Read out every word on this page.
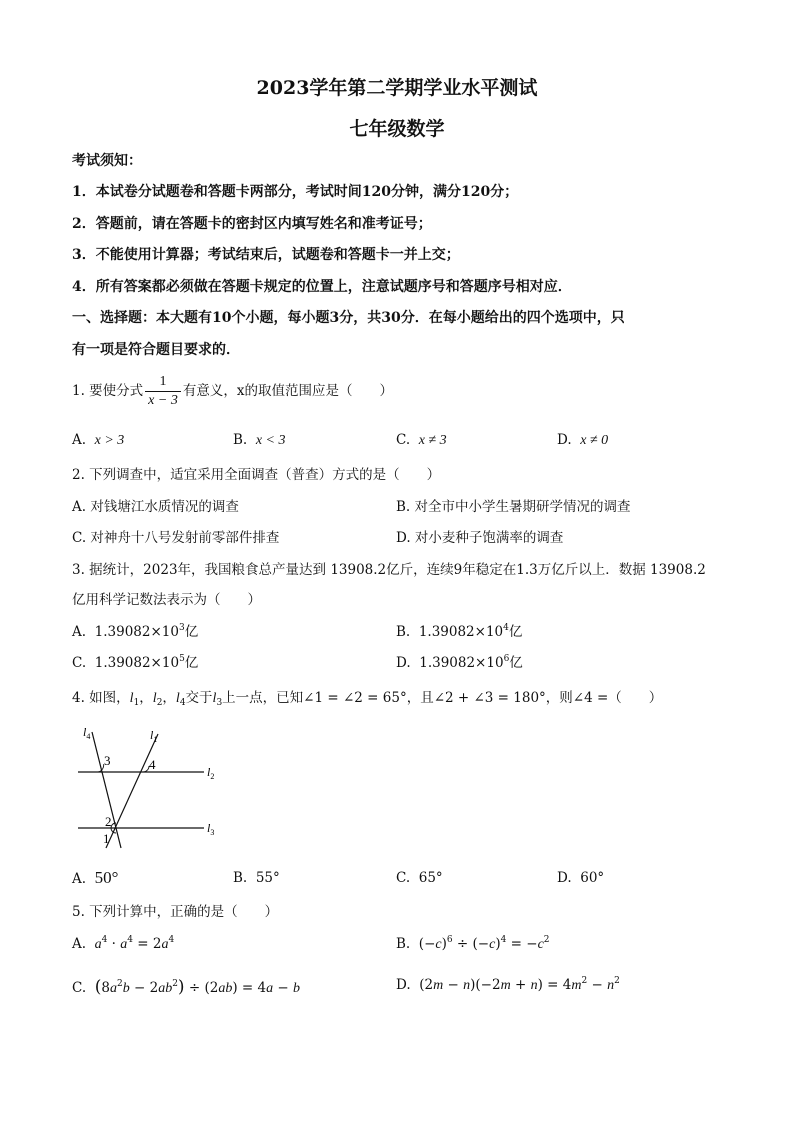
2023学年第二学期学业水平测试
七年级数学
考试须知：
1．本试卷分试题卷和答题卡两部分，考试时间120分钟，满分120分；
2．答题前，请在答题卡的密封区内填写姓名和准考证号；
3．不能使用计算器；考试结束后，试题卷和答题卡一并上交；
4．所有答案都必须做在答题卡规定的位置上，注意试题序号和答题序号相对应．
一、选择题：本大题有10个小题，每小题3分，共30分．在每小题给出的四个选项中，只
有一项是符合题目要求的．
1. 要使分式 $\frac{1}{x - 3}$ 有意义，x的取值范围应是（　　）
A. x > 3	B. x < 3	C. x ≠ 3	D. x ≠ 0
2. 下列调查中，适宜采用全面调查（普查）方式的是（　　）
A. 对钱塘江水质情况的调查	B. 对全市中小学生暑期研学情况的调查
C. 对神舟十八号发射前零部件排查	D. 对小麦种子饱满率的调查
3. 据统计，2023年，我国粮食总产量达到 13908.2亿斤，连续9年稳定在1.3万亿斤以上．数据 13908.2
亿用科学记数法表示为（　　）
A. $1.39082\times 10^3$亿	B. $1.39082\times 10^4$亿
C. $1.39082\times 10^5$亿	D. $1.39082\times 10^6$亿
4. 如图，$l_1$，$l_2$，$l_4$交于$l_3$上一点，已知∠1 = ∠2 = 65°，且∠2 + ∠3 = 180°，则∠4 =（　　）
$l_4$	$l_1$
$l_2$
$l_3$
3	4
2
1
A. 50°	B. 55°	C. 65°	D. 60°
5. 下列计算中，正确的是（　　）
A. $a^4 \cdot a^4 = 2a^4$	B.  $(-c)^6 \div (-c)^4 = -c^2$
C. $(8a^2b - 2ab^2) \div (2ab) = 4a - b$	D.  $(2m - n)(-2m + n) = 4m^2 - n^2$
